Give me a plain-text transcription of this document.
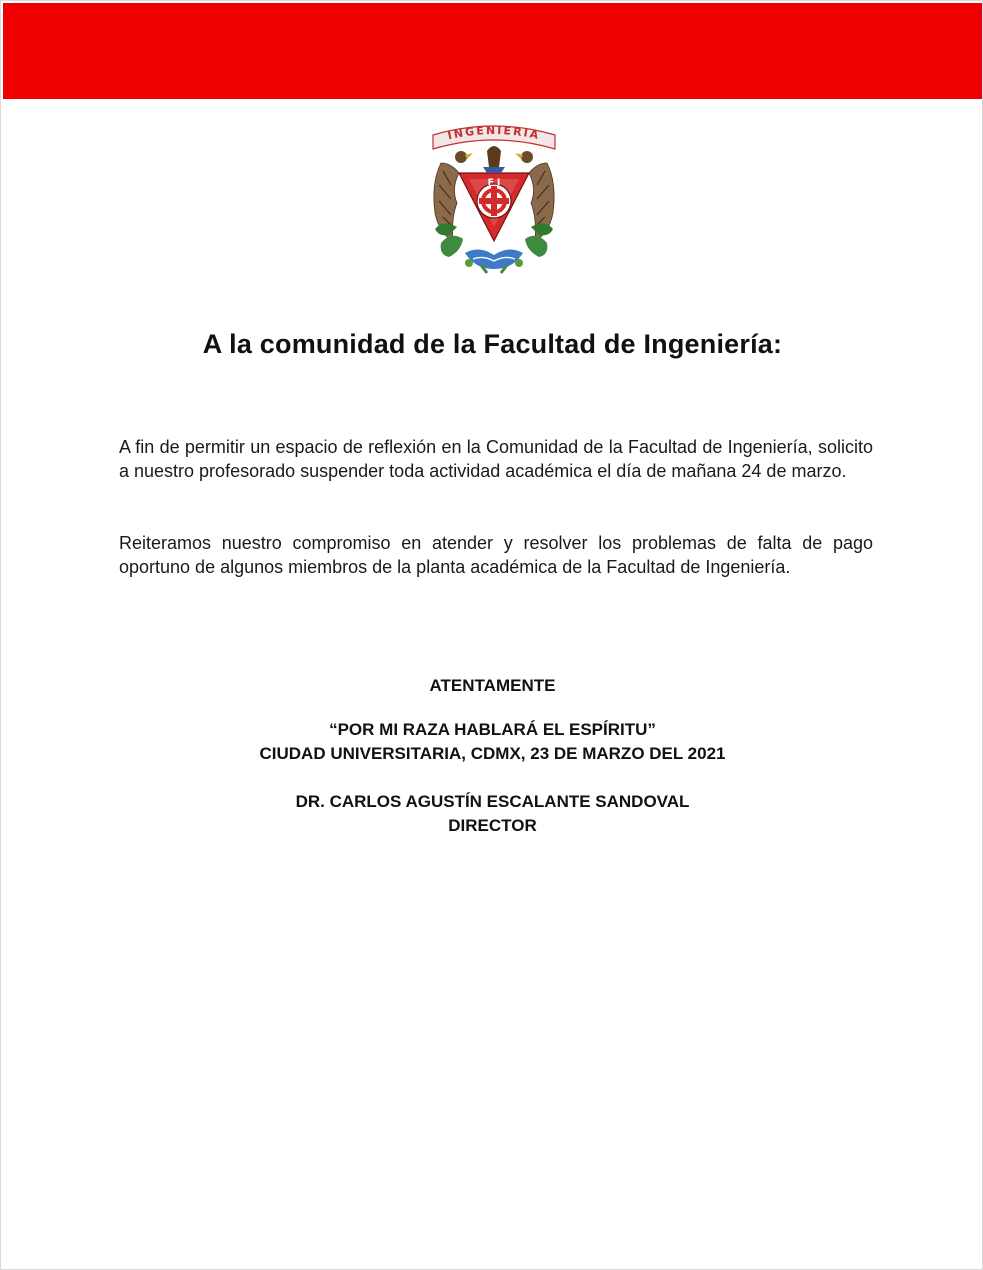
INGENIERIA
F I
A la comunidad de la Facultad de Ingeniería:

A fin de permitir un espacio de reflexión en la Comunidad de la Facultad de Ingeniería, solicito a nuestro profesorado suspender toda actividad académica el día de mañana 24 de marzo.

Reiteramos nuestro compromiso en atender y resolver los problemas de falta de pago oportuno de algunos miembros de la planta académica de la Facultad de Ingeniería.

ATENTAMENTE

“POR MI RAZA HABLARÁ EL ESPÍRITU”

CIUDAD UNIVERSITARIA, CDMX, 23 DE MARZO DEL 2021

DR. CARLOS AGUSTÍN ESCALANTE SANDOVAL

DIRECTOR
